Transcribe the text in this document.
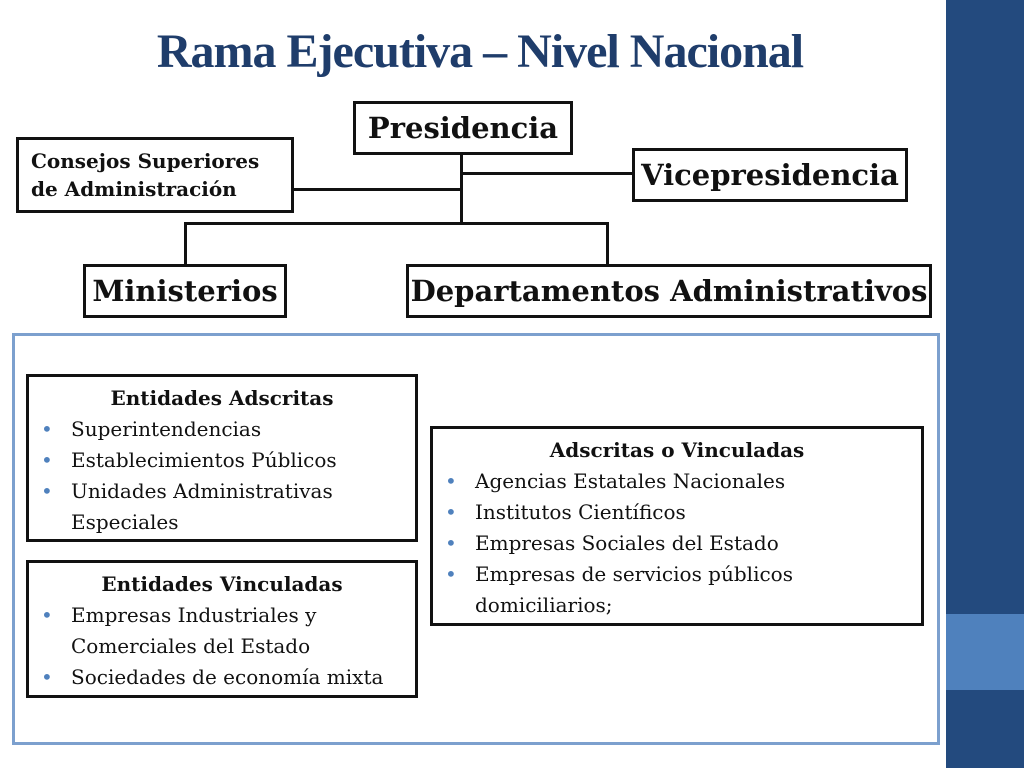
Rama Ejecutiva – Nivel Nacional
Presidencia
Vicepresidencia
Consejos Superiores
de Administración
Ministerios	Departamentos Administrativos
Entidades Adscritas
• Superintendencias
• Establecimientos Públicos
• Unidades Administrativas Especiales
Entidades Vinculadas
• Empresas Industriales y Comerciales del Estado
• Sociedades de economía mixta
Adscritas o Vinculadas
• Agencias Estatales Nacionales
• Institutos Científicos
• Empresas Sociales del Estado
• Empresas de servicios públicos domiciliarios;
